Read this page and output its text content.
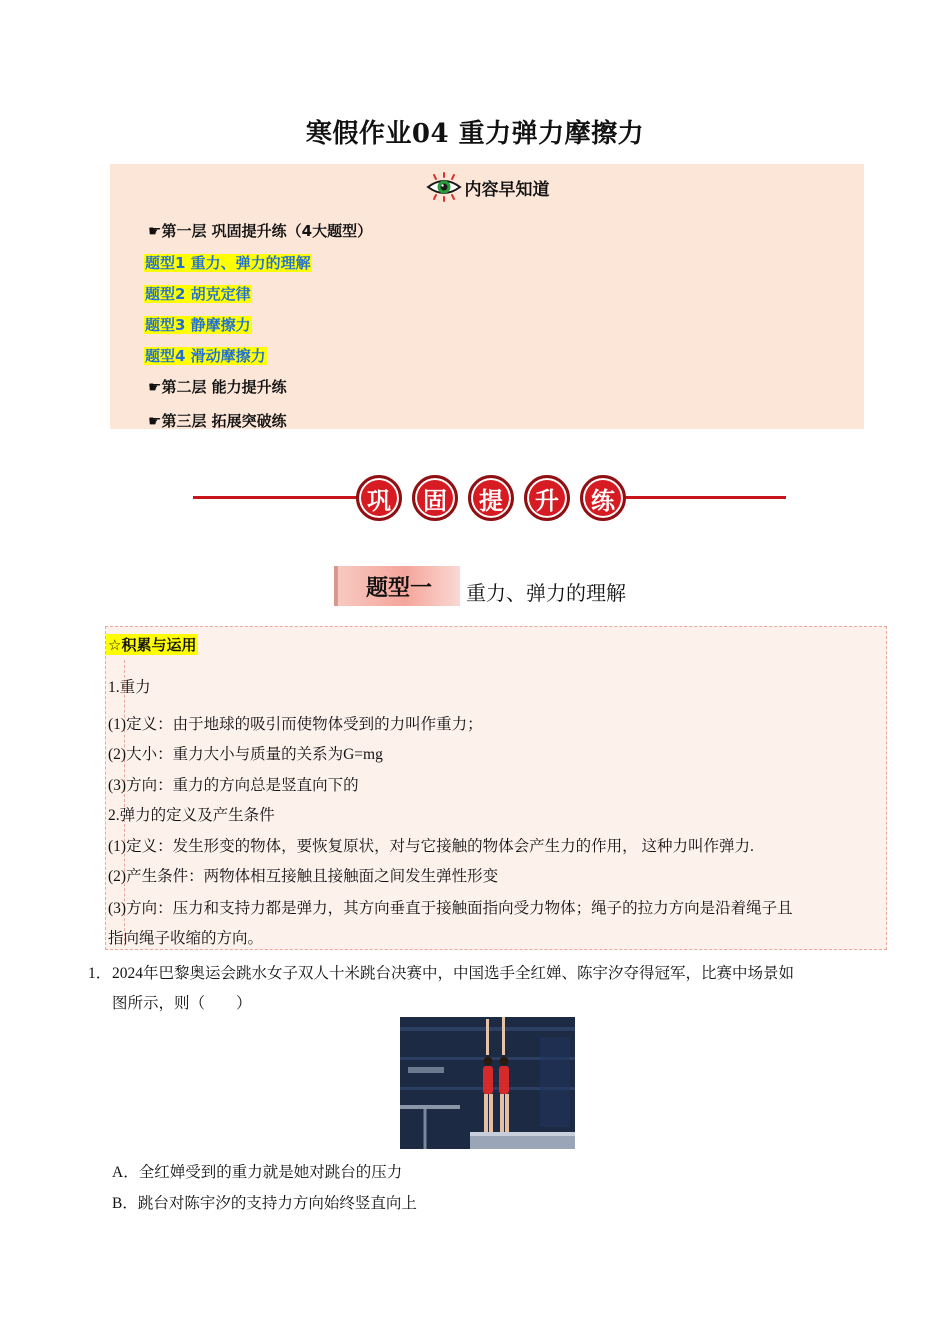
寒假作业04 重力弹力摩擦力
内容早知道
☛第一层 巩固提升练（4大题型）
题型1 重力、弹力的理解
题型2 胡克定律
题型3 静摩擦力
题型4 滑动摩擦力
☛第二层 能力提升练
☛第三层 拓展突破练
巩	固	提	升	练
题型一	重力、弹力的理解
☆积累与运用
1.重力
(1)定义：由于地球的吸引而使物体受到的力叫作重力；
(2)大小：重力大小与质量的关系为G=mg
(3)方向：重力的方向总是竖直向下的
2.弹力的定义及产生条件
(1)定义：发生形变的物体，要恢复原状，对与它接触的物体会产生力的作用， 这种力叫作弹力.
(2)产生条件：两物体相互接触且接触面之间发生弹性形变
(3)方向：压力和支持力都是弹力，其方向垂直于接触面指向受力物体；绳子的拉力方向是沿着绳子且
指向绳子收缩的方向。
1． 2024年巴黎奥运会跳水女子双人十米跳台决赛中，中国选手全红婵、陈宇汐夺得冠军，比赛中场景如
图所示，则（　　）
A．全红婵受到的重力就是她对跳台的压力
B．跳台对陈宇汐的支持力方向始终竖直向上
